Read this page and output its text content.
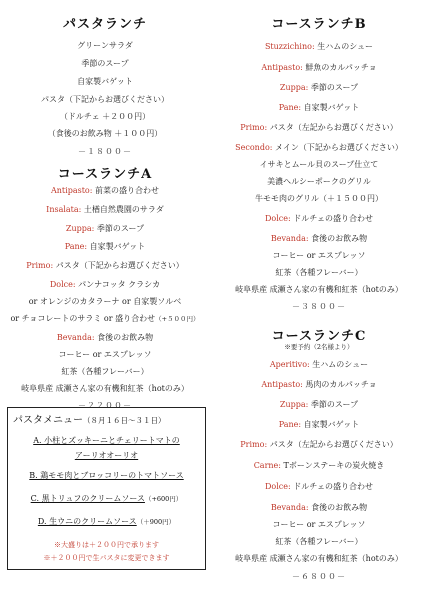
パスタランチ
グリーンサラダ
季節のスープ
自家製バゲット
パスタ（下記からお選びください）
（ドルチェ ＋２００円）
（食後のお飲み物 ＋１００円）
－１８００－
コースランチA
Antipasto: 前菜の盛り合わせ
Insalata: 土楢自然農園のサラダ
Zuppa: 季節のスープ
Pane: 自家製バゲット
Primo: パスタ（下記からお選びください）
Dolce: パンナコッタ クラシカ
or オレンジのカタラーナ or 自家製ソルベ
or チョコレートのサラミ or 盛り合わせ（+５００円）
Bevanda: 食後のお飲み物
コーヒー or エスプレッソ
紅茶（各種フレーバー）
岐阜県産 成瀬さん家の有機和紅茶（hotのみ）
－２２００－
パスタメニュー（８月１６日～３１日）
A. 小柱とズッキーニとチェリートマトの
アーリオオーリオ
B. 鶏モモ肉とブロッコリーのトマトソース
C. 黒トリュフのクリームソース（+600円）
D. 生ウニのクリームソース（＋900円）
※大盛りは＋２００円で承ります
※＋２００円で生パスタに変更できます
コースランチB
Stuzzichino: 生ハムのシュー
Antipasto: 鮮魚のカルパッチョ
Zuppa: 季節のスープ
Pane: 自家製バゲット
Primo: パスタ（左記からお選びください）
Secondo: メイン（下記からお選びください）
イサキとムール貝のスープ仕立て
美濃ヘルシーポークのグリル
牛モモ肉のグリル（＋１５００円）
Dolce: ドルチェの盛り合わせ
Bevanda: 食後のお飲み物
コーヒー or エスプレッソ
紅茶（各種フレーバー）
岐阜県産 成瀬さん家の有機和紅茶（hotのみ）
－３８００－
コースランチC
※要予約（2名様より）
Aperitivo: 生ハムのシュー
Antipasto: 馬肉のカルパッチョ
Zuppa: 季節のスープ
Pane: 自家製バゲット
Primo: パスタ（左記からお選びください）
Carne: Tボーンステーキの炭火焼き
Dolce: ドルチェの盛り合わせ
Bevanda: 食後のお飲み物
コーヒー or エスプレッソ
紅茶（各種フレーバー）
岐阜県産 成瀬さん家の有機和紅茶（hotのみ）
－６８００－
